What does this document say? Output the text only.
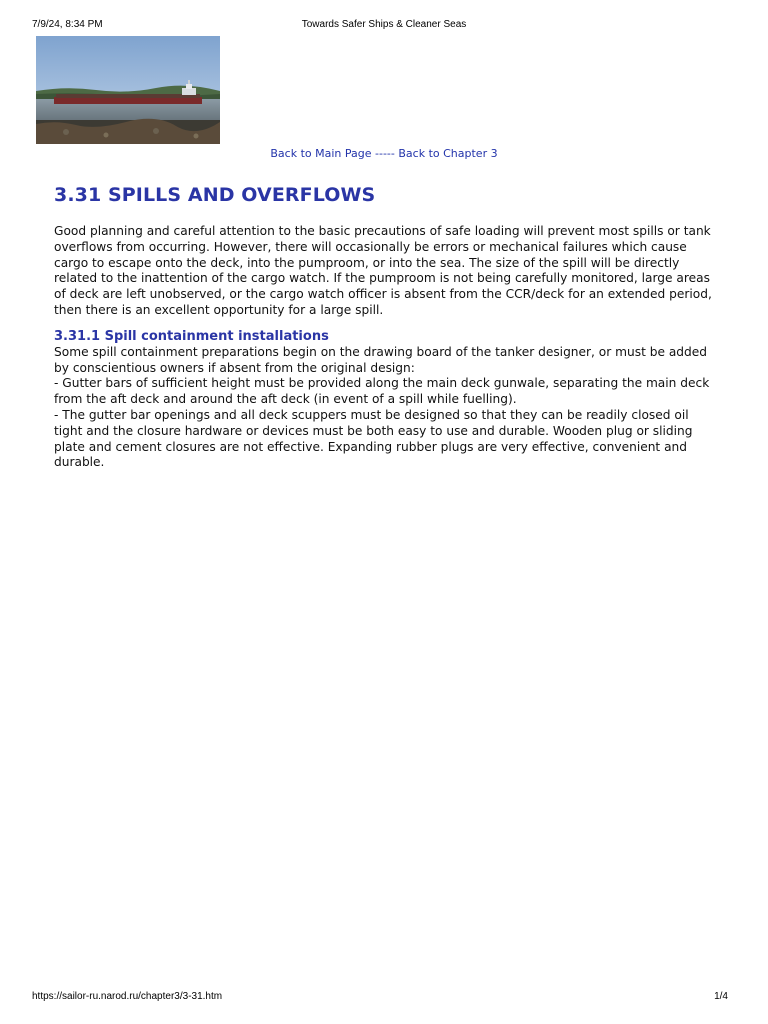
7/9/24, 8:34 PM	Towards Safer Ships & Cleaner Seas
Back to Main Page ----- Back to Chapter 3
3.31 SPILLS AND OVERFLOWS

Good planning and careful attention to the basic precautions of safe loading will prevent most spills or tank overflows from occurring. However, there will occasionally be errors or mechanical failures which cause cargo to escape onto the deck, into the pumproom, or into the sea. The size of the spill will be directly related to the inattention of the cargo watch. If the pumproom is not being carefully monitored, large areas of deck are left unobserved, or the cargo watch officer is absent from the CCR/deck for an extended period, then there is an excellent opportunity for a large spill.

3.31.1 Spill containment installations

Some spill containment preparations begin on the drawing board of the tanker designer, or must be added by conscientious owners if absent from the original design:

- Gutter bars of sufficient height must be provided along the main deck gunwale, separating the main deck from the aft deck and around the aft deck (in event of a spill while fuelling).

- The gutter bar openings and all deck scuppers must be designed so that they can be readily closed oil tight and the closure hardware or devices must be both easy to use and durable. Wooden plug or sliding plate and cement closures are not effective. Expanding rubber plugs are very effective, convenient and durable.

https://sailor-ru.narod.ru/chapter3/3-31.htm	1/4
